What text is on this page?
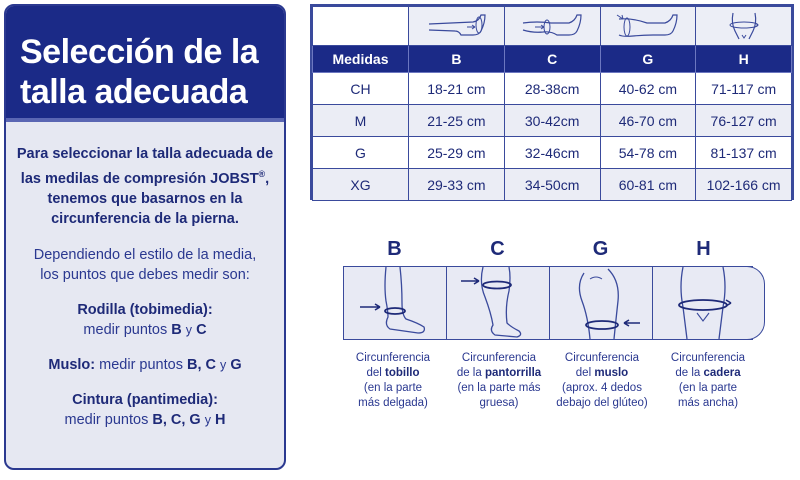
Selección de la
talla adecuada

Para seleccionar la talla adecuada de
las medilas de compresión JOBST®,
tenemos que basarnos en la
circunferencia de la pierna.

Dependiendo el estilo de la media,
los puntos que debes medir son:

Rodilla (tobimedia):
medir puntos B y C
Muslo: medir puntos B, C y G
Cintura (pantimedia):
medir puntos B, C, G y H

Medidas	B	C	G	H
CH	18-21 cm	28-38cm	40-62 cm	71-117 cm
M	21-25 cm	30-42cm	46-70 cm	76-127 cm
G	25-29 cm	32-46cm	54-78 cm	81-137 cm
XG	29-33 cm	34-50cm	60-81 cm	102-166 cm
B	C	G	H
Circunferencia
del tobillo
(en la parte
más delgada)
Circunferencia
de la pantorrilla
(en la parte más
gruesa)
Circunferencia
del muslo
(aprox. 4 dedos
debajo del glúteo)
Circunferencia
de la cadera
(en la parte
más ancha)
